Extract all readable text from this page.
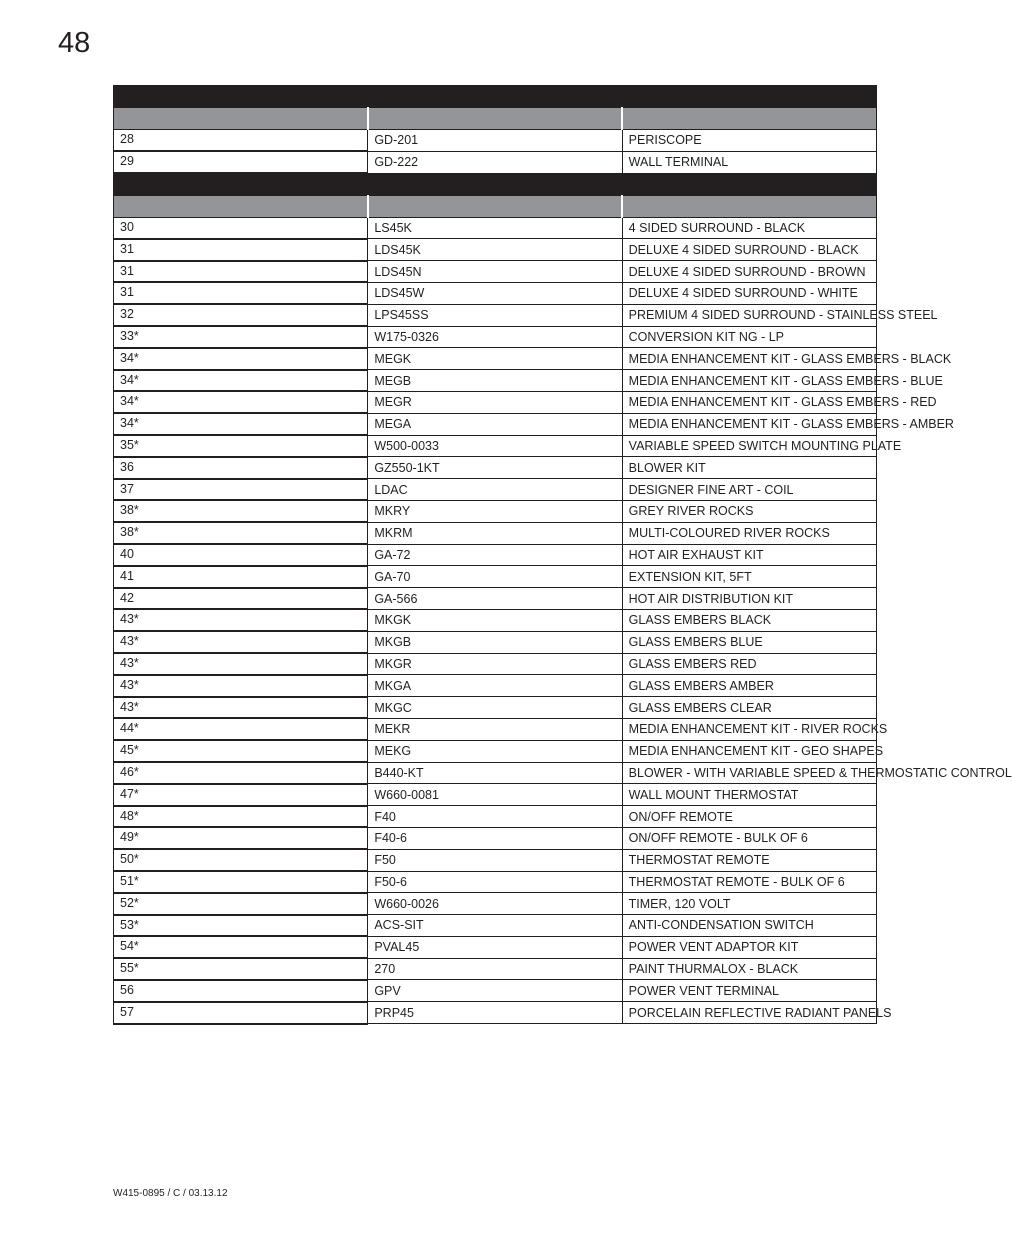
48

28	GD-201	PERISCOPE
29	GD-222	WALL TERMINAL

30	LS45K	4 SIDED SURROUND - BLACK
31	LDS45K	DELUXE 4 SIDED SURROUND - BLACK
31	LDS45N	DELUXE 4 SIDED SURROUND - BROWN
31	LDS45W	DELUXE 4 SIDED SURROUND - WHITE
32	LPS45SS	PREMIUM 4 SIDED SURROUND - STAINLESS STEEL
33*	W175-0326	CONVERSION KIT NG - LP
34*	MEGK	MEDIA ENHANCEMENT KIT - GLASS EMBERS - BLACK
34*	MEGB	MEDIA ENHANCEMENT KIT - GLASS EMBERS - BLUE
34*	MEGR	MEDIA ENHANCEMENT KIT - GLASS EMBERS - RED
34*	MEGA	MEDIA ENHANCEMENT KIT - GLASS EMBERS - AMBER
35*	W500-0033	VARIABLE SPEED SWITCH MOUNTING PLATE
36	GZ550-1KT	BLOWER KIT
37	LDAC	DESIGNER FINE ART - COIL
38*	MKRY	GREY RIVER ROCKS
38*	MKRM	MULTI-COLOURED RIVER ROCKS
40	GA-72	HOT AIR EXHAUST KIT
41	GA-70	EXTENSION KIT, 5FT
42	GA-566	HOT AIR DISTRIBUTION KIT
43*	MKGK	GLASS EMBERS BLACK
43*	MKGB	GLASS EMBERS BLUE
43*	MKGR	GLASS EMBERS RED
43*	MKGA	GLASS EMBERS AMBER
43*	MKGC	GLASS EMBERS CLEAR
44*	MEKR	MEDIA ENHANCEMENT KIT - RIVER ROCKS
45*	MEKG	MEDIA ENHANCEMENT KIT - GEO SHAPES
46*	B440-KT	BLOWER - WITH VARIABLE SPEED & THERMOSTATIC CONTROL
47*	W660-0081	WALL MOUNT THERMOSTAT
48*	F40	ON/OFF REMOTE
49*	F40-6	ON/OFF REMOTE - BULK OF 6
50*	F50	THERMOSTAT REMOTE
51*	F50-6	THERMOSTAT REMOTE - BULK OF 6
52*	W660-0026	TIMER, 120 VOLT
53*	ACS-SIT	ANTI-CONDENSATION SWITCH
54*	PVAL45	POWER VENT ADAPTOR KIT
55*	270	PAINT THURMALOX - BLACK
56	GPV	POWER VENT TERMINAL
57	PRP45	PORCELAIN REFLECTIVE RADIANT PANELS
W415-0895 / C / 03.13.12
